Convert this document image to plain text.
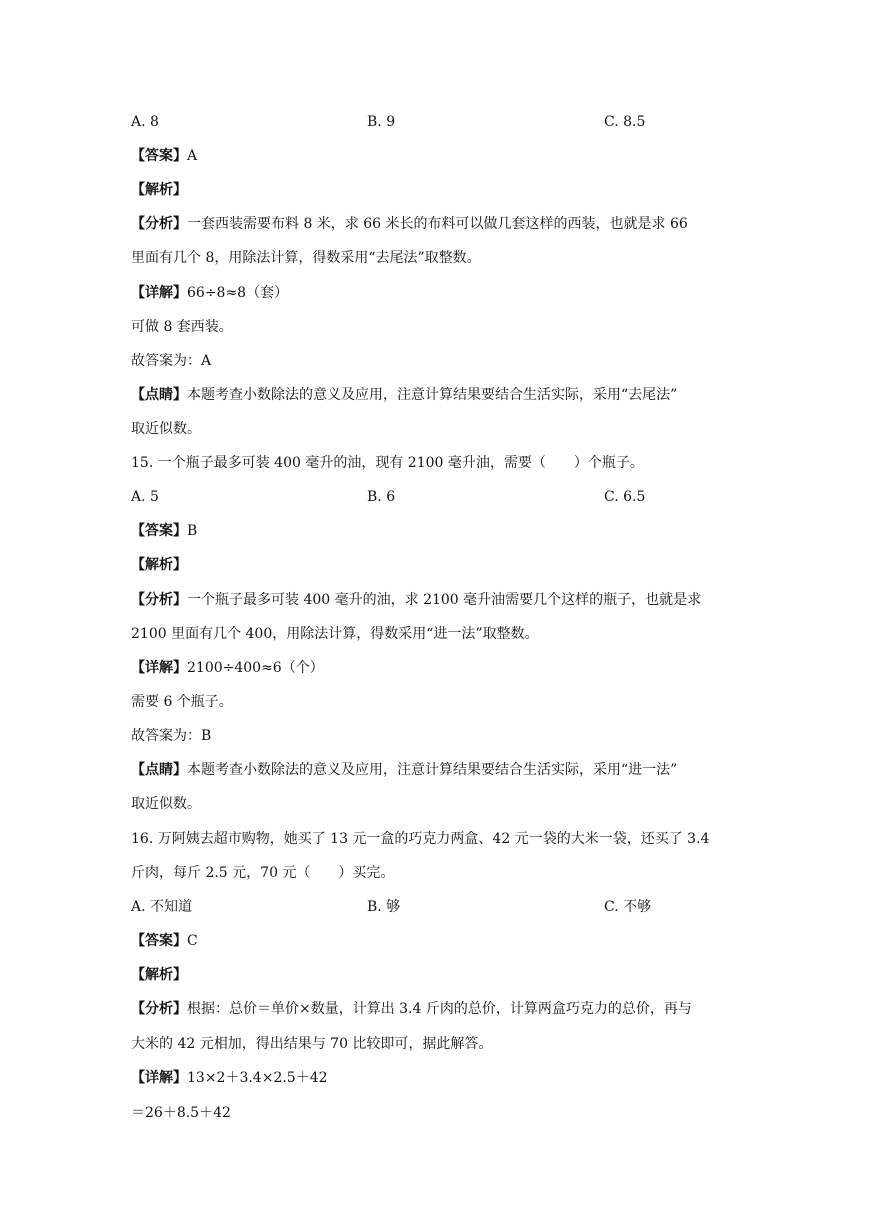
A. 8	B. 9	C. 8.5
【答案】A
【解析】
【分析】一套西装需要布料 8 米，求 66 米长的布料可以做几套这样的西装，也就是求 66
里面有几个 8，用除法计算，得数采用“去尾法”取整数。
【详解】66÷8≈8（套）
可做 8 套西装。
故答案为：A
【点睛】本题考查小数除法的意义及应用，注意计算结果要结合生活实际，采用“去尾法”
取近似数。
15. 一个瓶子最多可装 400 毫升的油，现有 2100 毫升油，需要（　　）个瓶子。
A. 5	B. 6	C. 6.5
【答案】B
【解析】
【分析】一个瓶子最多可装 400 毫升的油，求 2100 毫升油需要几个这样的瓶子，也就是求
2100 里面有几个 400，用除法计算，得数采用“进一法”取整数。
【详解】2100÷400≈6（个）
需要 6 个瓶子。
故答案为：B
【点睛】本题考查小数除法的意义及应用，注意计算结果要结合生活实际，采用“进一法”
取近似数。
16. 万阿姨去超市购物，她买了 13 元一盒的巧克力两盒、42 元一袋的大米一袋，还买了 3.4
斤肉，每斤 2.5 元，70 元（　　）买完。
A. 不知道	B. 够	C. 不够
【答案】C
【解析】
【分析】根据：总价＝单价×数量，计算出 3.4 斤肉的总价，计算两盒巧克力的总价，再与
大米的 42 元相加，得出结果与 70 比较即可，据此解答。
【详解】13×2＋3.4×2.5＋42
＝26＋8.5＋42
